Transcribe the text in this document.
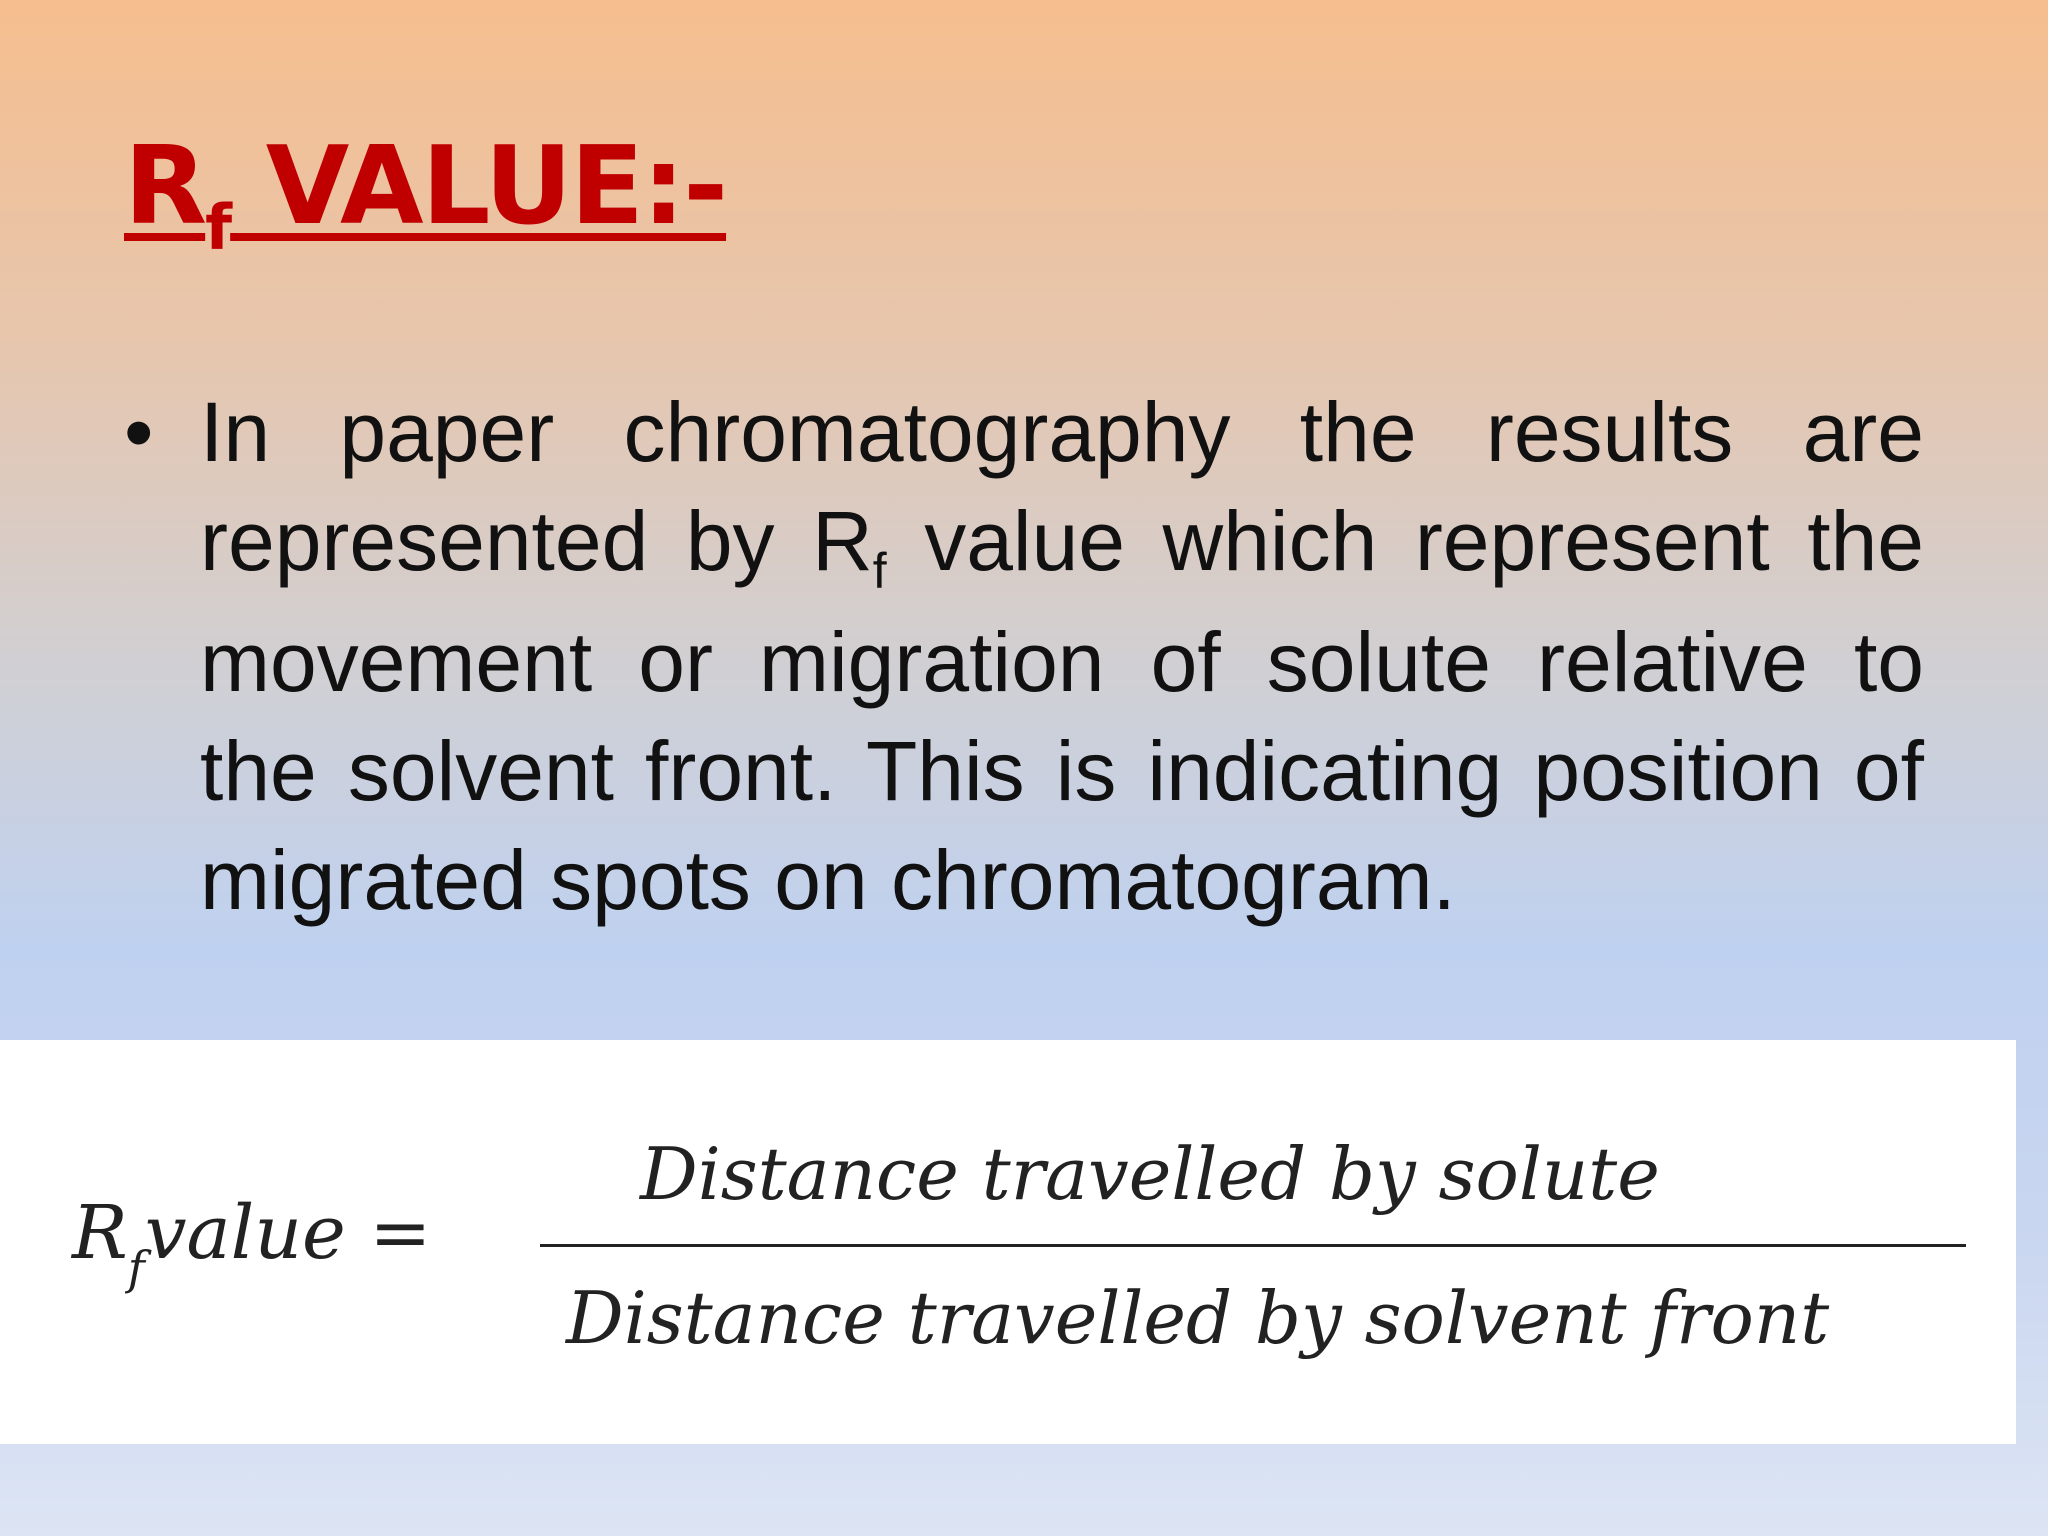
$R_f$ VALUE:-
• In paper chromatography the results are represented by $R_f$ value which represent the movement or migration of solute relative to the solvent front. This is indicating position of migrated spots on chromatogram.
$R_fvalue$ =
Distance travelled by solute
Distance travelled by solvent front
